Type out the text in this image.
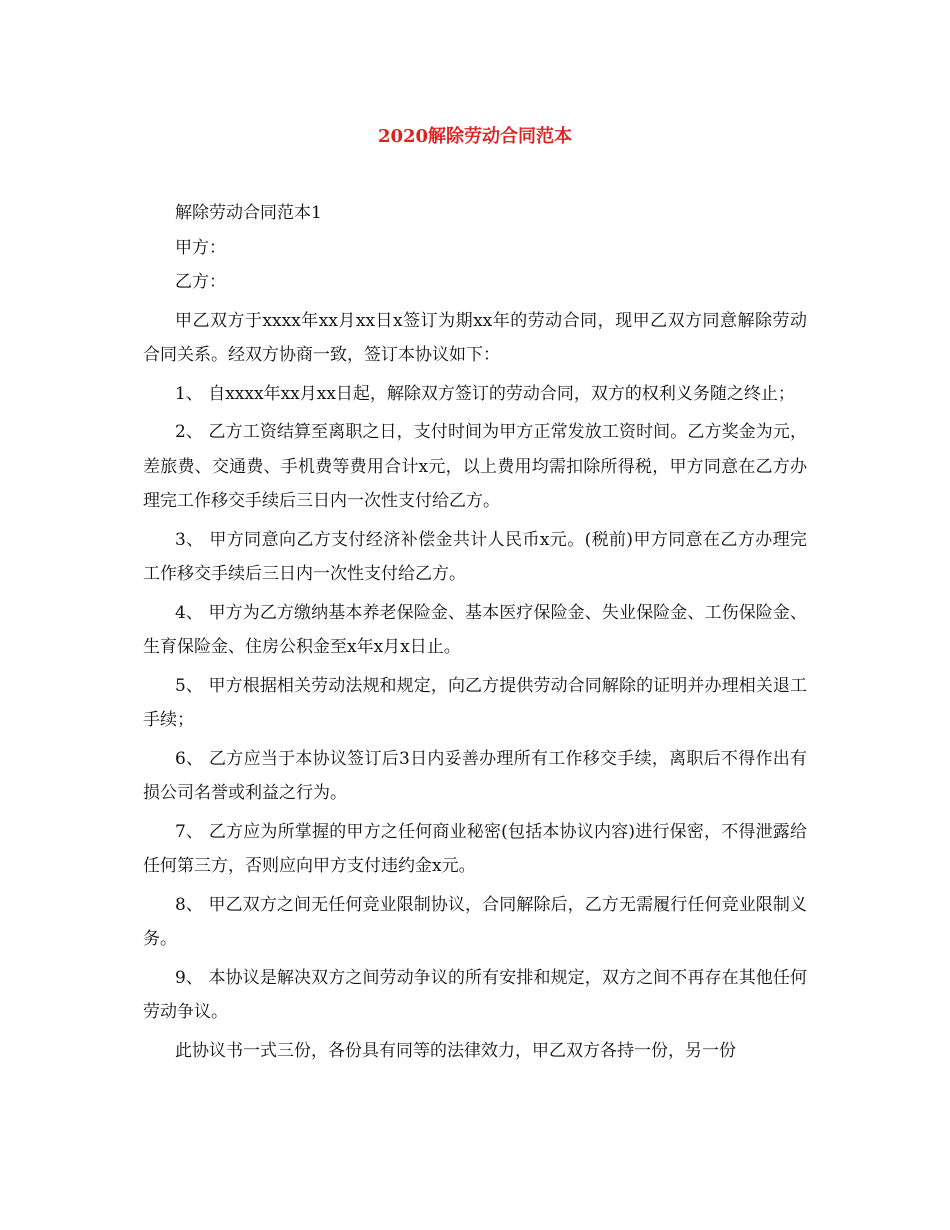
2020解除劳动合同范本

解除劳动合同范本1

甲方：

乙方：

甲乙双方于xxxx年xx月xx日x签订为期xx年的劳动合同，现甲乙双方同意解除劳动合同关系。经双方协商一致，签订本协议如下：

1、 自xxxx年xx月xx日起，解除双方签订的劳动合同，双方的权利义务随之终止；

2、 乙方工资结算至离职之日，支付时间为甲方正常发放工资时间。乙方奖金为元，差旅费、交通费、手机费等费用合计x元，以上费用均需扣除所得税，甲方同意在乙方办理完工作移交手续后三日内一次性支付给乙方。

3、 甲方同意向乙方支付经济补偿金共计人民币x元。(税前)甲方同意在乙方办理完工作移交手续后三日内一次性支付给乙方。

4、 甲方为乙方缴纳基本养老保险金、基本医疗保险金、失业保险金、工伤保险金、生育保险金、住房公积金至x年x月x日止。

5、 甲方根据相关劳动法规和规定，向乙方提供劳动合同解除的证明并办理相关退工手续；

6、 乙方应当于本协议签订后3日内妥善办理所有工作移交手续，离职后不得作出有损公司名誉或利益之行为。

7、 乙方应为所掌握的甲方之任何商业秘密(包括本协议内容)进行保密，不得泄露给任何第三方，否则应向甲方支付违约金x元。

8、 甲乙双方之间无任何竞业限制协议，合同解除后，乙方无需履行任何竞业限制义务。

9、 本协议是解决双方之间劳动争议的所有安排和规定，双方之间不再存在其他任何劳动争议。

此协议书一式三份，各份具有同等的法律效力，甲乙双方各持一份，另一份
